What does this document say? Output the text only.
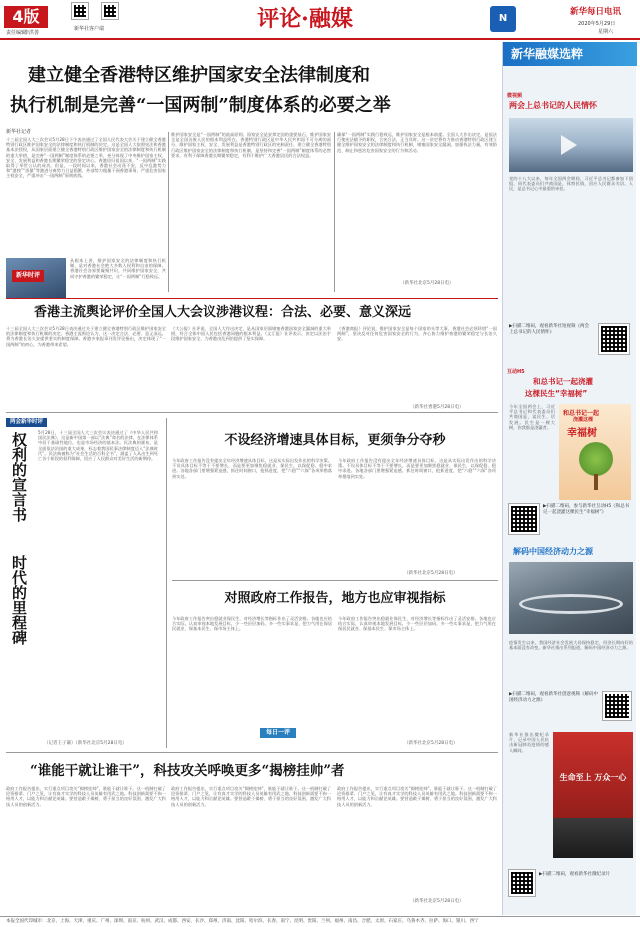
4版
责任编辑
李洪善
新华社客户端	评论·融媒	N
新华每日电讯
2020年5月29日
星期六
建立健全香港特区维护国家安全法律制度和
执行机制是完善“一国两制”制度体系的必要之举
新华社记者
十三届全国人大三次会议5月28日下午表决通过了全国人民代表大会关于建立健全香港特别行政区维护国家安全的法律制度和执行机制的决定。这是全国人大依照宪法和香港基本法授权，从国家层面建立健全香港特别行政区维护国家安全的法律制度和执行机制的重大举措，是完善“一国两制”制度体系的必要之举，充分体现了中央维护国家主权、安全、发展利益和香港长期繁荣稳定的坚定决心。香港回归祖国以来，“一国两制”实践取得了举世公认的成功。但是，一段时间以来，香港社会动荡不安，反中乱港势力和“港独”“黑暴”等激进分离势力日益猖獗，外部势力粗暴干预香港事务，严重危害国家主权安全，严重冲击“一国两制”原则底线。
新华时评
从根本上讲，维护国家安全的法律制度和执行机制，是对香港社会绝大多数人权利和自由的保障。香港社会各界要凝聚共识，共同维护国家安全，共同守护香港的繁荣稳定，让“一国两制”行稳致远。
维护国家安全是“一国两制”的最高原则。国家安全是安邦定国的重要基石，维护国家安全是全国各族人民的根本利益所在。香港特别行政区是中华人民共和国不可分离的部分，维护国家主权、安全、发展利益是香港特别行政区的宪制责任。建立健全香港特别行政区维护国家安全的法律制度和执行机制，是坚持和完善“一国两制”制度体系的必然要求，有利于保障香港长期繁荣稳定，有利于维护广大香港居民的合法权益。
确保“一国两制”实践行稳致远，维护国家安全是根本前提。全国人大作出决定，是依法行使宪法赋予的职权，合宪合法，正当其时。这一决定将有力推动香港特别行政区建立健全维护国家安全的法律制度和执行机制，堵塞国家安全漏洞，加强执法力量，有效防范、制止和惩治危害国家安全的行为和活动。
（新华社北京5月28日电）
香港主流舆论评价全国人大会议涉港议程：合法、必要、意义深远
十三届全国人大三次会议5月28日表决通过关于建立健全香港特别行政区维护国家安全的法律制度和执行机制的决定。香港主流舆论认为，这一决定合法、必要、意义深远，将为香港长治久安提供坚实的制度保障。香港多家报章刊发评论指出，决定体现了“一国两制”的初心，为香港带来希望。
《大公报》社评说，全国人大作出决定，是从国家层面堵塞香港国家安全漏洞的重大举措，符合全体中国人民包括香港同胞的根本利益。《文汇报》社评表示，决定以法治手段维护国家安全，为香港由乱到治提供了坚实保障。
《香港商报》评论说，维护国家安全是每个国家的头等大事，香港社会必须珍惜“一国两制”，坚决反对任何危害国家安全的行为，齐心协力维护香港的繁荣稳定与长治久安。
（新华社香港5月28日电）
两会新华时评
权利的宣言书
时代的里程碑
5月28日，十三届全国人大三次会议表决通过了《中华人民共和国民法典》。这是新中国第一部以“法典”命名的法律，在法律体系中居于基础性地位，也是市场经济的基本法。民法典的颁布，是全面依法治国的重大成果，标志着我国民事法律制度迈入“法典时代”。民法典被称为“社会生活的百科全书”，涵盖了人从出生到死亡各个阶段的权利保障，回应了人民群众对美好生活的新期待。
（记者王子谦）（新华社北京5月28日电）
不设经济增速具体目标，更须争分夺秒
今年政府工作报告没有提出全年经济增速具体目标，这是从实际出发作出的科学决策。不设具体目标不等于不要增长，而是要更加聚焦稳就业、保民生，以保促稳、稳中求进。各地各部门要增强紧迫感，抓住时间窗口，抢抓进度，把“六稳”“六保”各项举措落到实处。
今年政府工作报告没有提出全年经济增速具体目标，这是从实际出发作出的科学决策。不设具体目标不等于不要增长，而是要更加聚焦稳就业、保民生，以保促稳、稳中求进。各地各部门要增强紧迫感，抓住时间窗口，抢抓进度，把“六稳”“六保”各项举措落到实处。
（新华社北京5月28日电）
对照政府工作报告，地方也应审视指标
今年政府工作报告突出稳就业保民生，对经济增长等指标作出了灵活安排。各地也应结合实际，认真审视本地发展目标，少一些层层加码，多一些实事求是，把力气用在保居民就业、保基本民生、保市场主体上。
每日一评
今年政府工作报告突出稳就业保民生，对经济增长等指标作出了灵活安排。各地也应结合实际，认真审视本地发展目标，少一些层层加码，多一些实事求是，把力气用在保居民就业、保基本民生、保市场主体上。
（新华社北京5月28日电）
“谁能干就让谁干”，科技攻关呼唤更多“揭榜挂帅”者
政府工作报告提出，实行重点项目攻关“揭榜挂帅”，谁能干就让谁干。这一机制打破了论资排辈、门户之见，让有真才实学的科技人员英雄有用武之地。科技创新需要不拘一格用人才，以能力和贡献论英雄。要营造敢于揭榜、勇于担当的良好氛围，激发广大科技人员的创新活力。
政府工作报告提出，实行重点项目攻关“揭榜挂帅”，谁能干就让谁干。这一机制打破了论资排辈、门户之见，让有真才实学的科技人员英雄有用武之地。科技创新需要不拘一格用人才，以能力和贡献论英雄。要营造敢于揭榜、勇于担当的良好氛围，激发广大科技人员的创新活力。
政府工作报告提出，实行重点项目攻关“揭榜挂帅”，谁能干就让谁干。这一机制打破了论资排辈、门户之见，让有真才实学的科技人员英雄有用武之地。科技创新需要不拘一格用人才，以能力和贡献论英雄。要营造敢于揭榜、勇于担当的良好氛围，激发广大科技人员的创新活力。
（新华社北京5月28日电）
新华融媒选粹
微视频
两会上总书记的人民情怀
党的十八大以来，每年全国两会期间，习近平总书记都参加下团组，同代表委员们共商国是，体察民情，回应人民群众关切。人民，是总书记心中最重的牵挂。
▶扫描二维码，观看新华社短视频《两会上总书记的人民情怀》
互动H5
和总书记一起浇灌
这棵民生“幸福树”
和总书记一起
浇灌这棵
幸福树
今年全国两会上，习近平总书记和代表委员们共商国是，谈民生、话发展。民生是一棵大树，你我都是浇灌者。
▶扫描二维码，参与新华社互动H5《和总书记一起浇灌这棵民生“幸福树”》
解码中国经济动力之源
疫情发生以来，我国经济社会发展大局保持稳定，经济长期向好的基本面没有改变。新华社推出系列报道，解码中国经济动力之源。
▶扫描二维码，观看新华社创意视频《解码中国经济动力之源》
新华社推出微纪录片，记录中国人民抗击新冠肺炎疫情的感人瞬间。
生命至上 万众一心
▶扫描二维码，观看新华社微纪录片
本报全国代印城市：北京、上海、天津、重庆、广州、深圳、南京、杭州、武汉、成都、西安、长沙、郑州、济南、沈阳、哈尔滨、长春、南宁、昆明、贵阳、兰州、福州、南昌、合肥、太原、石家庄、乌鲁木齐、拉萨、海口、银川、西宁
